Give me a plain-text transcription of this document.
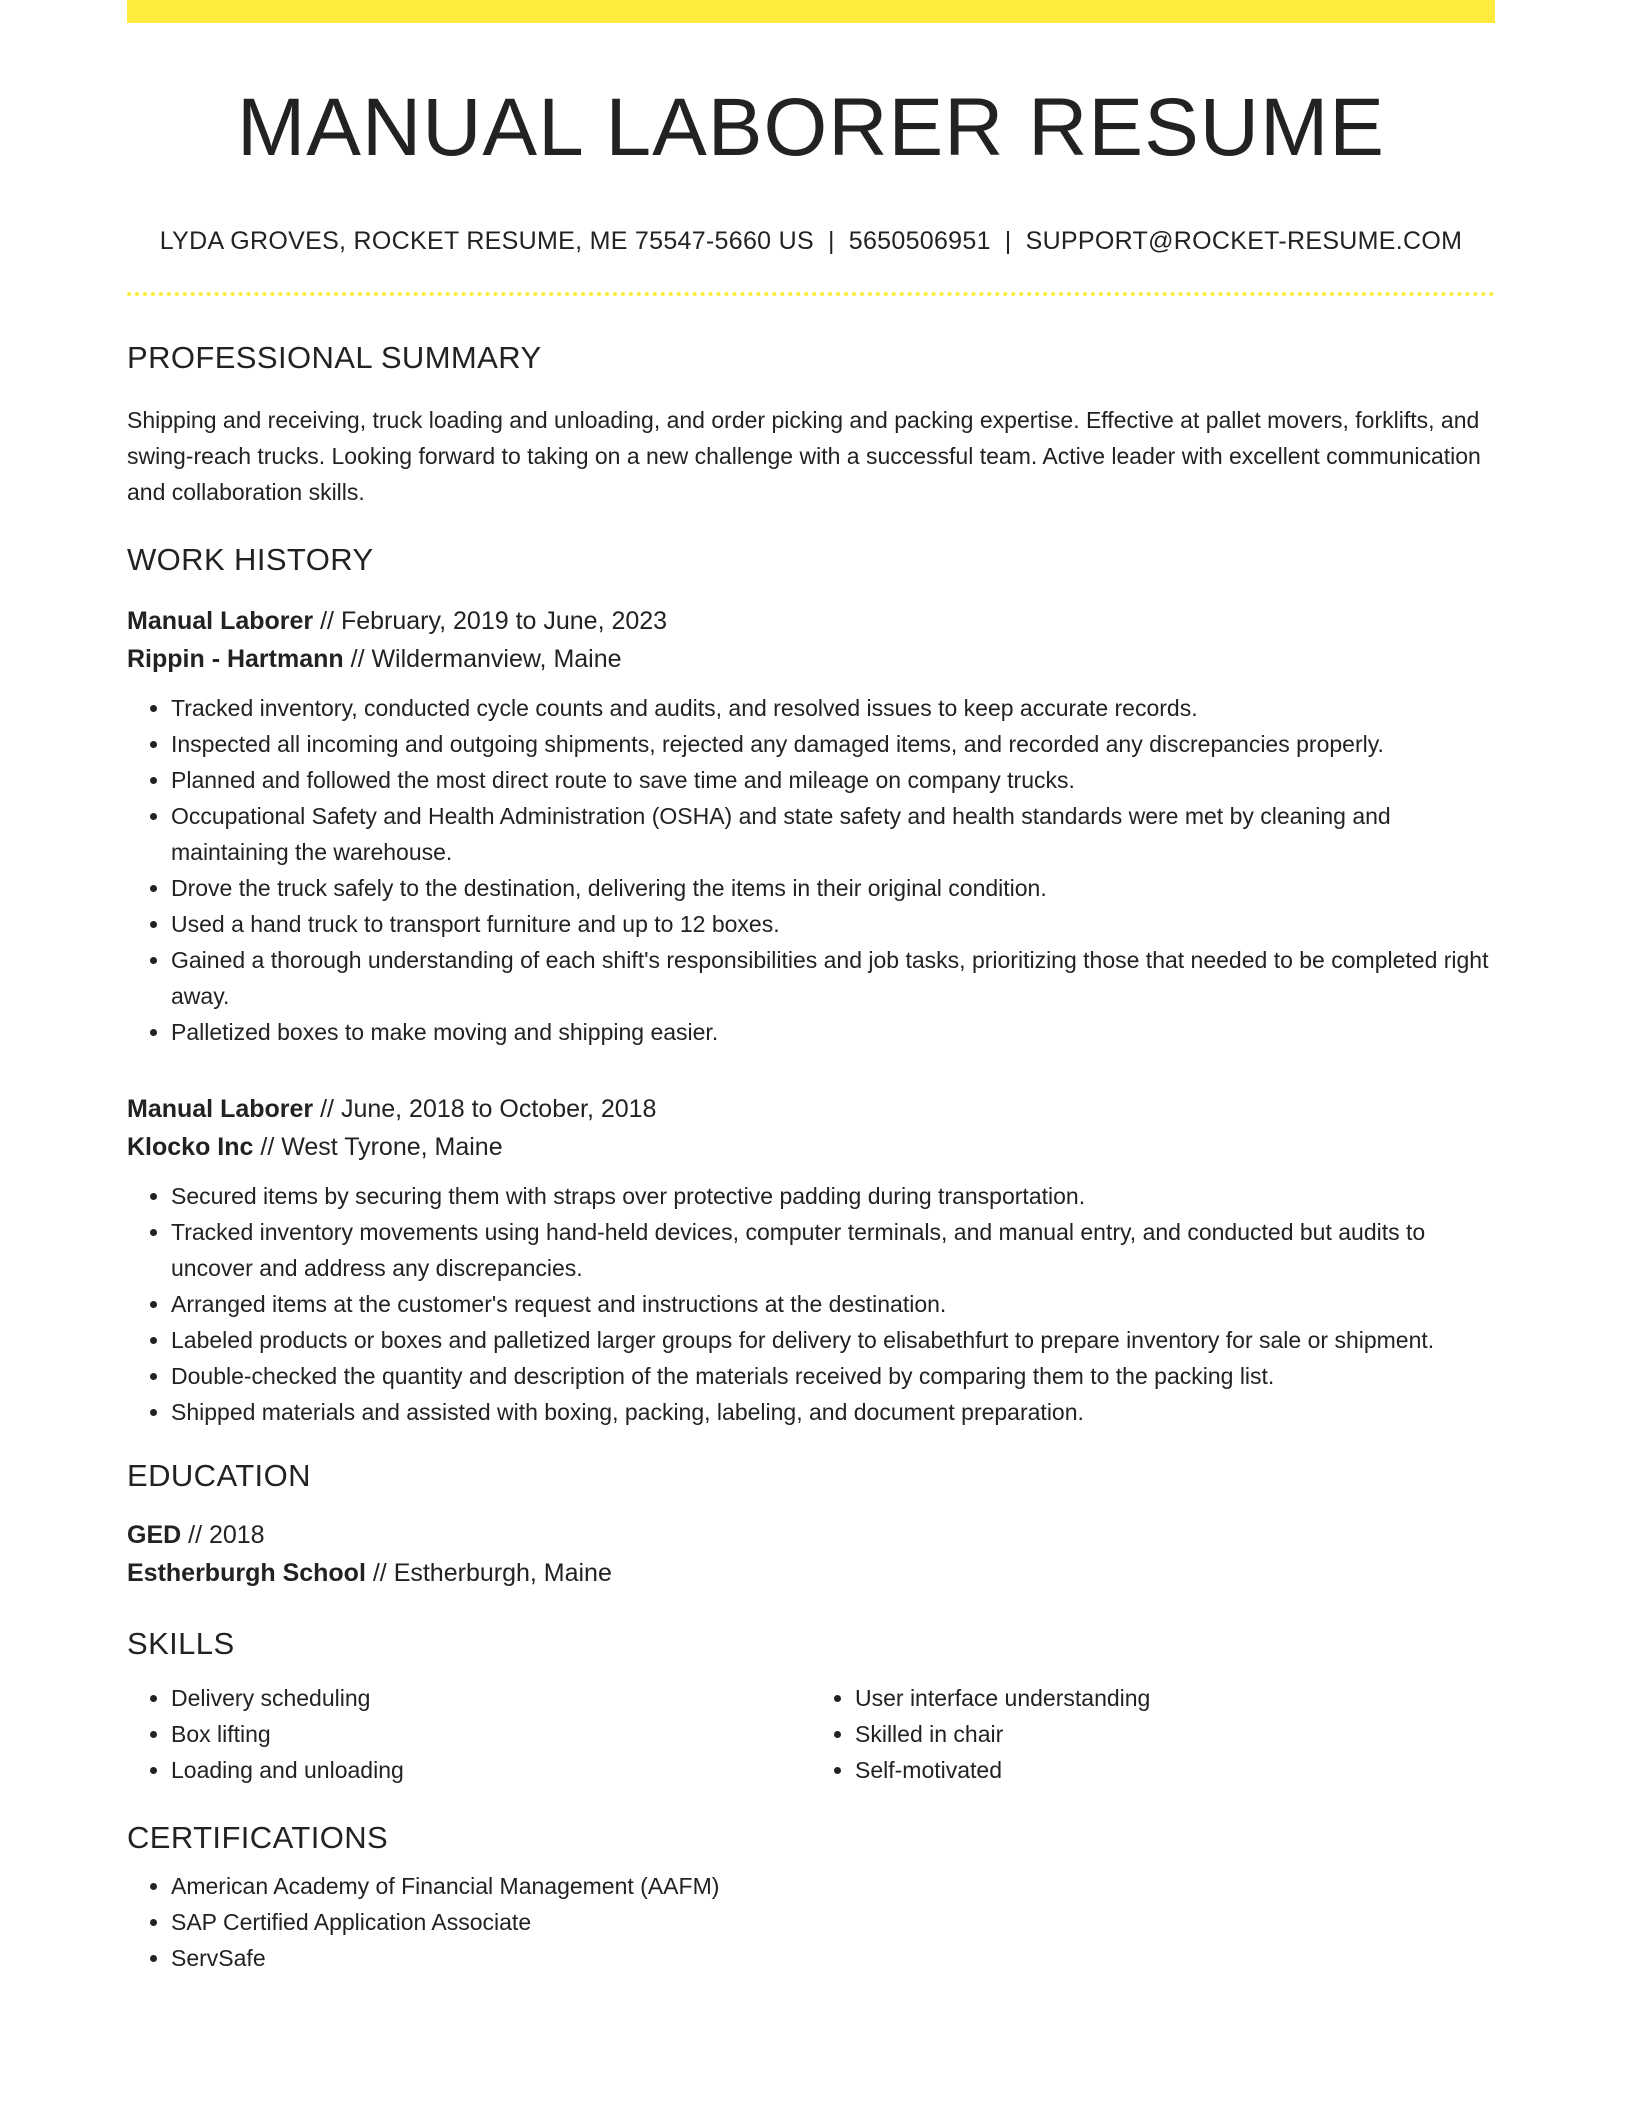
MANUAL LABORER RESUME
LYDA GROVES, ROCKET RESUME, ME 75547-5660 US | 5650506951 | SUPPORT@ROCKET-RESUME.COM
PROFESSIONAL SUMMARY

Shipping and receiving, truck loading and unloading, and order picking and packing expertise. Effective at pallet movers, forklifts, and swing-reach trucks. Looking forward to taking on a new challenge with a successful team. Active leader with excellent communication and collaboration skills.

WORK HISTORY
Manual Laborer // February, 2019 to June, 2023
Rippin - Hartmann // Wildermanview, Maine
• Tracked inventory, conducted cycle counts and audits, and resolved issues to keep accurate records.
• Inspected all incoming and outgoing shipments, rejected any damaged items, and recorded any discrepancies properly.
• Planned and followed the most direct route to save time and mileage on company trucks.
• Occupational Safety and Health Administration (OSHA) and state safety and health standards were met by cleaning and maintaining the warehouse.
• Drove the truck safely to the destination, delivering the items in their original condition.
• Used a hand truck to transport furniture and up to 12 boxes.
• Gained a thorough understanding of each shift's responsibilities and job tasks, prioritizing those that needed to be completed right away.
• Palletized boxes to make moving and shipping easier.
Manual Laborer // June, 2018 to October, 2018
Klocko Inc // West Tyrone, Maine
• Secured items by securing them with straps over protective padding during transportation.
• Tracked inventory movements using hand-held devices, computer terminals, and manual entry, and conducted but audits to uncover and address any discrepancies.
• Arranged items at the customer's request and instructions at the destination.
• Labeled products or boxes and palletized larger groups for delivery to elisabethfurt to prepare inventory for sale or shipment.
• Double-checked the quantity and description of the materials received by comparing them to the packing list.
• Shipped materials and assisted with boxing, packing, labeling, and document preparation.
EDUCATION
GED // 2018
Estherburgh School // Estherburgh, Maine
SKILLS
• Delivery scheduling
• Box lifting
• Loading and unloading
• User interface understanding
• Skilled in chair
• Self-motivated
CERTIFICATIONS
• American Academy of Financial Management (AAFM)
• SAP Certified Application Associate
• ServSafe
